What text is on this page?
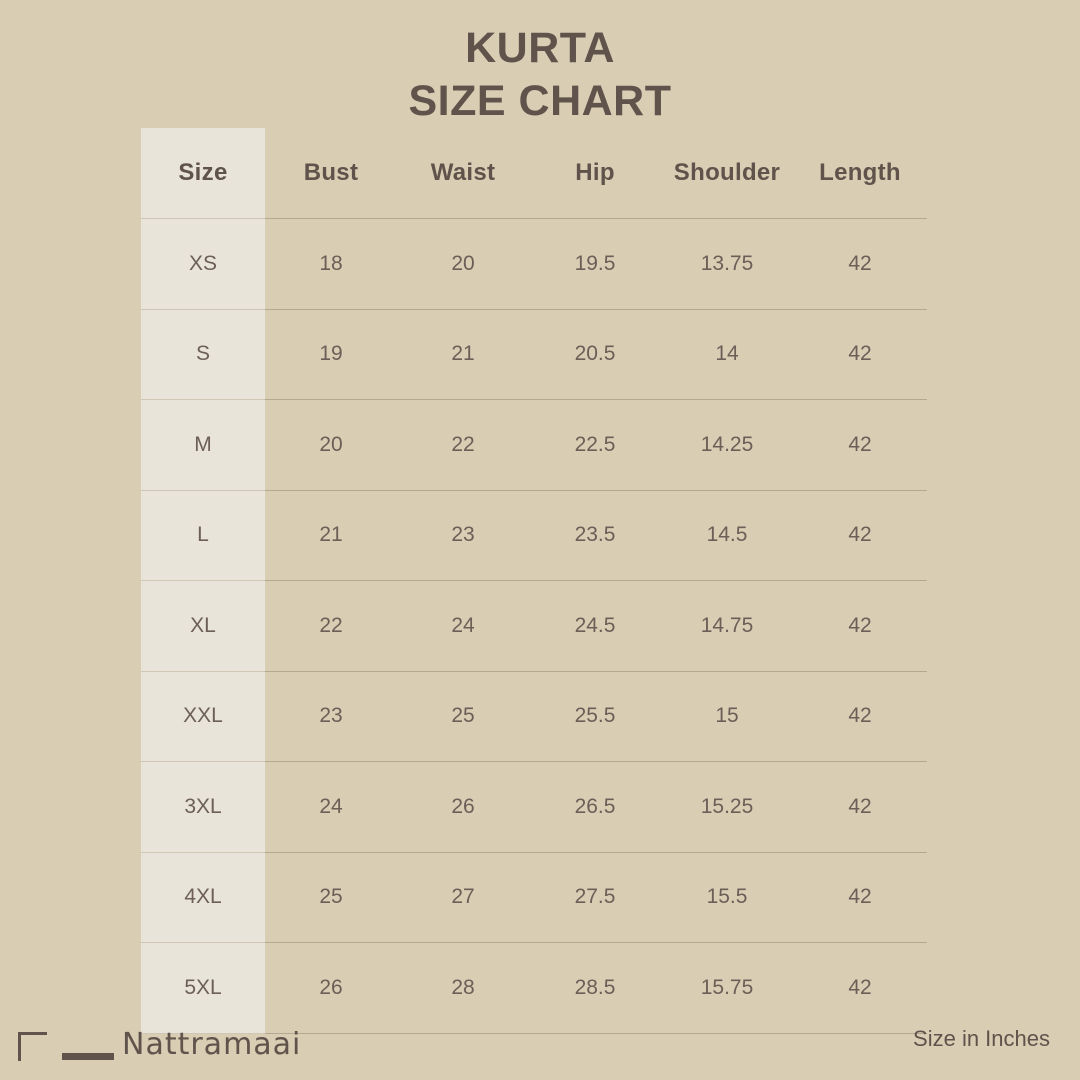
KURTA
SIZE CHART
Size	Bust	Waist	Hip	Shoulder	Length
XS	18	20	19.5	13.75	42
S	19	21	20.5	14	42
M	20	22	22.5	14.25	42
L	21	23	23.5	14.5	42
XL	22	24	24.5	14.75	42
XXL	23	25	25.5	15	42
3XL	24	26	26.5	15.25	42
4XL	25	27	27.5	15.5	42
5XL	26	28	28.5	15.75	42
Size in Inches
Nattramaai
